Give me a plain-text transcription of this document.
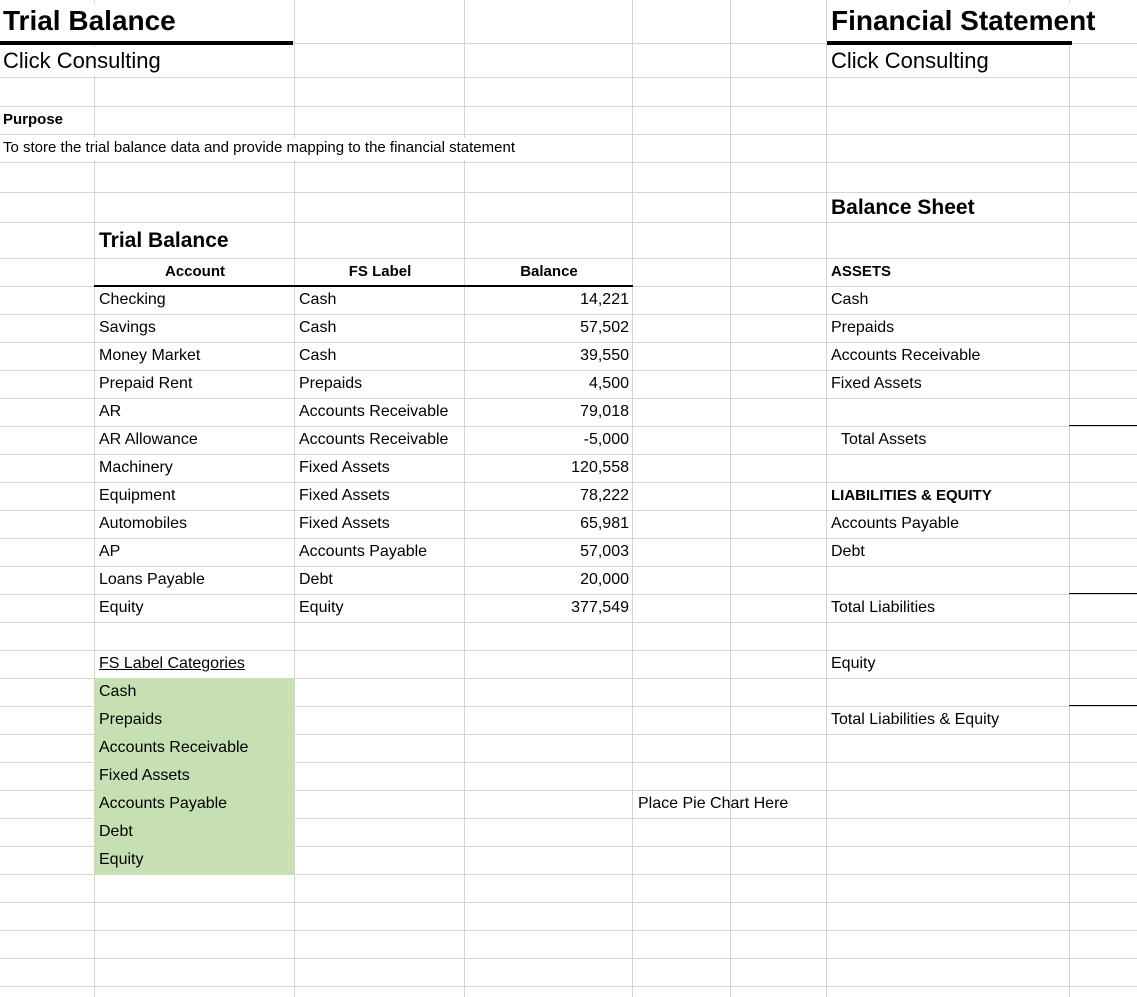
Trial Balance
Click Consulting
Purpose
To store the trial balance data and provide mapping to the financial statement
Trial Balance
Account	FS Label	Balance
Checking	Cash	14,221
Savings	Cash	57,502
Money Market	Cash	39,550
Prepaid Rent	Prepaids	4,500
AR	Accounts Receivable	79,018
AR Allowance	Accounts Receivable	-5,000
Machinery	Fixed Assets	120,558
Equipment	Fixed Assets	78,222
Automobiles	Fixed Assets	65,981
AP	Accounts Payable	57,003
Loans Payable	Debt	20,000
Equity	Equity	377,549
FS Label Categories
Cash
Prepaids
Accounts Receivable
Fixed Assets
Accounts Payable
Debt
Equity
Place Pie Chart Here
Financial Statement
Click Consulting
Balance Sheet
ASSETS
Cash
Prepaids
Accounts Receivable
Fixed Assets
Total Assets
LIABILITIES & EQUITY
Accounts Payable
Debt
Total Liabilities
Equity
Total Liabilities & Equity
